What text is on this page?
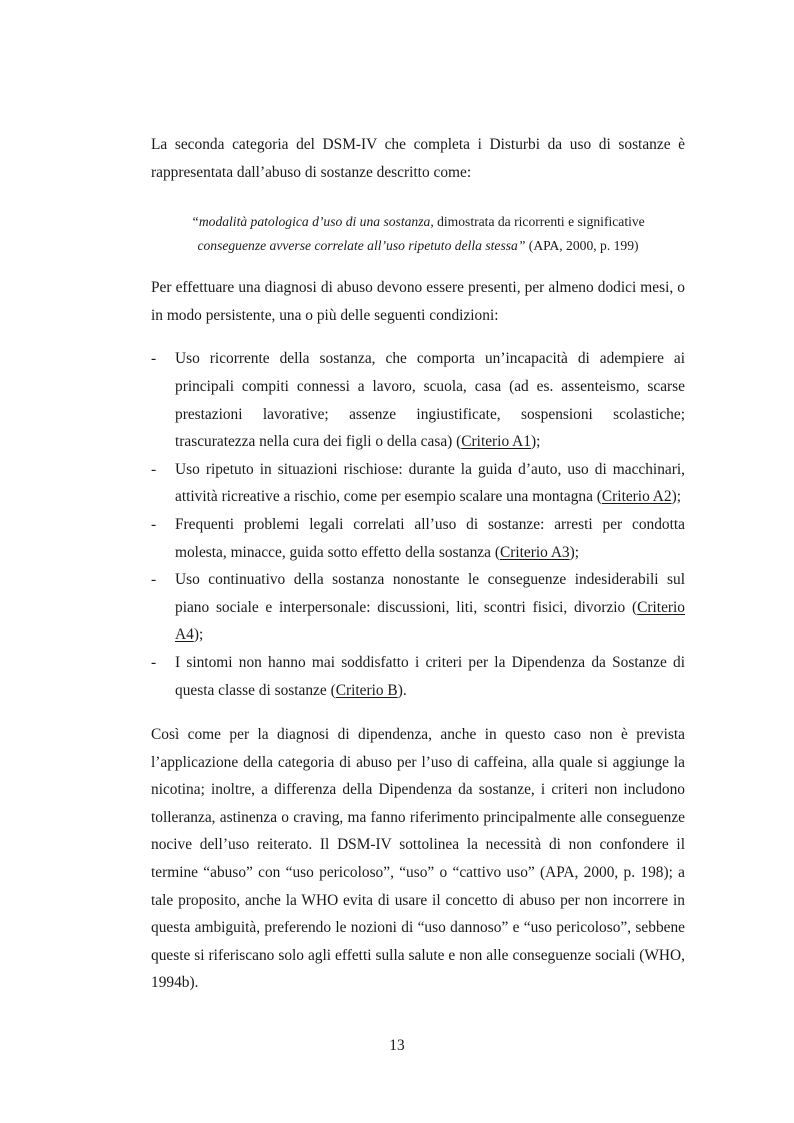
La seconda categoria del DSM-IV che completa i Disturbi da uso di sostanze è rappresentata dall’abuso di sostanze descritto come:

“modalità patologica d’uso di una sostanza, dimostrata da ricorrenti e significative
conseguenze avverse correlate all’uso ripetuto della stessa” (APA, 2000, p. 199)

Per effettuare una diagnosi di abuso devono essere presenti, per almeno dodici mesi, o in modo persistente, una o più delle seguenti condizioni:

- Uso ricorrente della sostanza, che comporta un’incapacità di adempiere ai principali compiti connessi a lavoro, scuola, casa (ad es. assenteismo, scarse prestazioni lavorative; assenze ingiustificate, sospensioni scolastiche; trascuratezza nella cura dei figli o della casa) (Criterio A1);
- Uso ripetuto in situazioni rischiose: durante la guida d’auto, uso di macchinari, attività ricreative a rischio, come per esempio scalare una montagna (Criterio A2);
- Frequenti problemi legali correlati all’uso di sostanze: arresti per condotta molesta, minacce, guida sotto effetto della sostanza (Criterio A3);
- Uso continuativo della sostanza nonostante le conseguenze indesiderabili sul piano sociale e interpersonale: discussioni, liti, scontri fisici, divorzio (Criterio A4);
- I sintomi non hanno mai soddisfatto i criteri per la Dipendenza da Sostanze di questa classe di sostanze (Criterio B).

Così come per la diagnosi di dipendenza, anche in questo caso non è prevista l’applicazione della categoria di abuso per l’uso di caffeina, alla quale si aggiunge la nicotina; inoltre, a differenza della Dipendenza da sostanze, i criteri non includono tolleranza, astinenza o craving, ma fanno riferimento principalmente alle conseguenze nocive dell’uso reiterato. Il DSM-IV sottolinea la necessità di non confondere il termine “abuso” con “uso pericoloso”, “uso” o “cattivo uso” (APA, 2000, p. 198); a tale proposito, anche la WHO evita di usare il concetto di abuso per non incorrere in questa ambiguità, preferendo le nozioni di “uso dannoso” e “uso pericoloso”, sebbene queste si riferiscano solo agli effetti sulla salute e non alle conseguenze sociali (WHO, 1994b).

13
